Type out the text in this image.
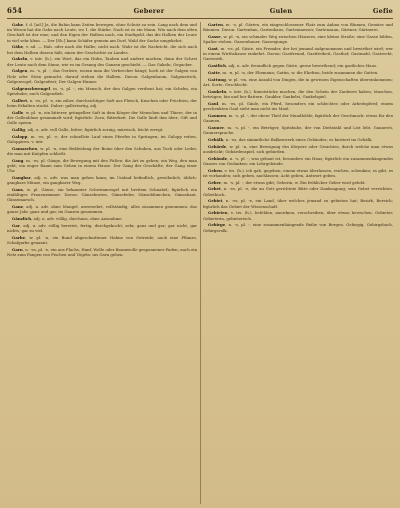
654	Geberer	Gulen	Gefie

Gahe, f. d. [ad.] Ja, die Bahin kann Zeiten bewegen, ohne Schutz zu sein. Lang nach dem und im Wesen hat die Gahe nach Leute, wo 1. die Stärke. Nach ist es ein Mann. Wie nach dem alten Geschäft ist der eine; und den Eigen der Halben nach, ein Stadtgeld, das die Halben der Leute in viel sehr klein. — Der [Sh.] kann Schäfer gemein am Dorf, Wald der Sache umgekehrt.

Gähe, v. ad. — Hab. oder nach die Halbe, nicht nach. Wahr ist die Nachricht, die sich nach bei dem Halben dessen hält; einen der Geschichte zu Landes.

Gakeln, v. intr. (h.), ein Wort, das ein Huhn, Tauben und andere machen; dann der Schrei der Leute nach dem Sinne, wie es im Gesang des Ganzen geschieht. — Das Gakeln, Gegacker.

Galgen, m. -s, pl. -, das Gerüste, woran man die Verbrecher hängt; hoch ist der Galgen von Holz oder Stein gemacht, darauf stehen die Halben. Davon: Galgenbaum, Galgenstrick, Galgenvogel, Galgenfrist; Der Galgen-Humor.

Galgenschwengel, m. -s, pl. -, ein Mensch, der den Galgen verdient hat, ein Schelm, ein Spitzbube; auch Galgendieb.

Gallert, n. -es, pl. -e, ein zäher, durchsichtiger Saft aus Fleisch, Knochen oder Früchten, der beim Erkalten stockt. Daher: gallertartig, adj.

Galle, w. pl. -n, ein bitterer, grüngelber Saft in dem Körper der Menschen und Thiere, der in der Gallenblase gesammelt wird; figürlich: Zorn, Bitterkeit. Die Galle läuft ihm über; Gift und Galle speien.

Gallig, adj. u. adv. voll Galle, bitter; figürlich zornig, mürrisch, leicht erregt.

Galopp, m. -es, pl. -e, der schnellste Lauf eines Pferdes in Sprüngen; im Galopp reiten. Galoppiren, v. intr.

Gamaschen, w. pl. -n, eine Bekleidung der Beine über den Schuhen, aus Tuch oder Leder, die man mit Knöpfen schließt.

Gang, m. -es, pl. Gänge, die Bewegung mit den Füßen; die Art zu gehen; ein Weg, den man geht; ein enger Raum zum Gehen in einem Hause. Der Gang der Geschäfte, der Gang einer Uhr.

Gangbar, adj. u. adv. was man gehen kann; im Umlauf befindlich, gewöhnlich, üblich: gangbare Münze, ein gangbarer Weg.

Gans, w. pl. Gänse, ein bekannter Schwimmvogel mit breitem Schnabel; figürlich ein einfältiges Frauenzimmer. Davon: Gänsebraten, Gänsefeder, Gänseblümchen, Gänsehaut, Gänsemarsch.

Ganz, adj. u. adv. ohne Mangel, unversehrt, vollständig; alles zusammen genommen: das ganze Jahr, ganz und gar, im Ganzen genommen.

Gänzlich, adj. u. adv. völlig, durchaus, ohne Ausnahme.

Gar, adj. u. adv. völlig bereitet, fertig, durchgekocht; sehr, ganz und gar; gar nicht, gar nichts, gar zu viel.

Garbe, w. pl. -n, ein Bund abgeschnittener Halme von Getreide; auch eine Pflanze, Schafgarbe genannt.

Garn, n. -es, pl. -e, ein aus Flachs, Hanf, Wolle oder Baumwolle gesponnener Faden; auch ein Netz zum Fangen von Fischen und Vögeln: ins Garn gehen.

Garten, m. -s, pl. Gärten, ein eingeschlossener Platz zum Anbau von Blumen, Gemüse und Bäumen. Davon: Gartenbau, Gartenhaus, Gartenmesser, Gartenzaun, Gärtner, Gärtnerei.

Gasse, w. pl. -n, ein schmaler Weg zwischen Häusern, eine kleine Straße; eine Gasse bilden, Spalier stehen. Gassenhauer, Gassenjunge.

Gast, m. -es, pl. Gäste, ein Fremder, der bei jemand aufgenommen und bewirthet wird; wer in einem Wirthshause einkehrt. Davon: Gastfreund, Gastfreiheit, Gasthof, Gastmahl, Gastrecht, Gastwirth.

Gastlich, adj. u. adv. freundlich gegen Gäste, gerne bewirthend; ein gastliches Haus.

Gatte, m. -n, pl. -n, der Ehemann; Gattin, w. die Ehefrau; beide zusammen die Gatten.

Gattung, w. pl. -en, eine Anzahl von Dingen, die in gewissen Eigenschaften übereinkommen; Art, Sorte, Geschlecht.

Gaukeln, v. intr. (h.), Kunststücke machen, die den Schein der Zauberei haben; täuschen, betrügen; hin und her flattern. Gaukler, Gaukelei, Gaukelspiel.

Gaul, m. -es, pl. Gäule, ein Pferd, besonders ein schlechtes oder Arbeitspferd; einem geschenkten Gaul sieht man nicht ins Maul.

Gaumen, m. -s, pl. -, der obere Theil der Mundhöhle; figürlich der Geschmack: etwas für den Gaumen.

Gauner, m. -s, pl. -, ein Betrüger, Spitzbube, der von Diebstahl und List lebt. Gaunerei, Gaunersprache.

Gebälk, n. -es, das sämmtliche Balkenwerk eines Gebäudes; es knistert im Gebälk.

Gebärde, w. pl. -n, eine Bewegung des Körpers oder Gesichtes, durch welche man etwas ausdrückt; Gebärdenspiel, sich gebärden.

Gebäude, n. -s, pl. -, was gebaut ist, besonders ein Haus; figürlich ein zusammenhängendes Ganzes von Gedanken: ein Lehrgebäude.

Geben, v. trs. (h.), ich gab, gegeben; einem etwas überlassen, reichen, schenken; es gibt, es ist vorhanden; sich geben, nachlassen; Acht geben, Antwort geben.

Geber, m. -s, pl. -, der etwas gibt; Geberin, w. Ein fröhlicher Geber wird gelobt.

Gebet, n. -es, pl. -e, die an Gott gerichtete Bitte oder Danksagung; sein Gebet verrichten. Gebetbuch.

Gebiet, n. -es, pl. -e, ein Land, über welches jemand zu gebieten hat; Bezirk, Bereich; figürlich das Gebiet der Wissenschaft.

Gebieten, v. trs. (h.), befehlen, anordnen, vorschreiben; über etwas herrschen. Gebieter, Gebieterin, gebieterisch.

Gebirge, n. -s, pl. -, eine zusammenhängende Reihe von Bergen. Gebirgig, Gebirgsbach, Gebirgsvolk.
